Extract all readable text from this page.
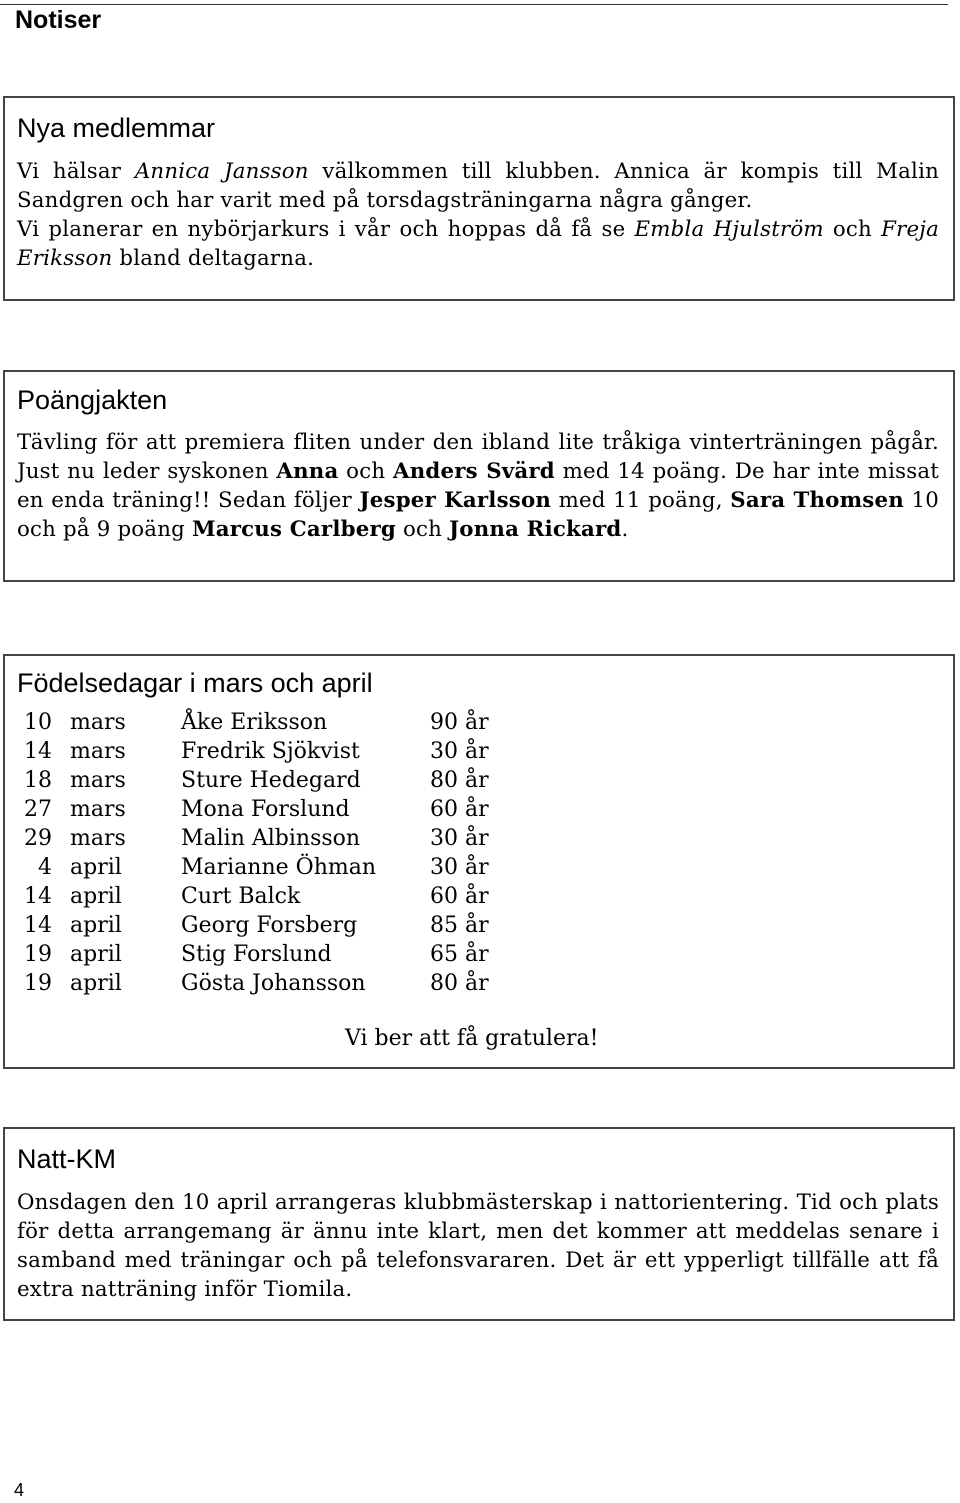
Notiser
Nya medlemmar
Vi hälsar Annica Jansson välkommen till klubben. Annica är kompis till Malin Sandgren och har varit med på torsdagsträningarna några gånger.
Vi planerar en nybörjarkurs i vår och hoppas då få se Embla Hjulström och Freja Eriksson bland deltagarna.
Poängjakten
Tävling för att premiera fliten under den ibland lite tråkiga vinterträningen pågår. Just nu leder syskonen Anna och Anders Svärd med 14 poäng. De har inte missat en enda träning!! Sedan följer Jesper Karlsson med 11 poäng, Sara Thomsen 10 och på 9 poäng Marcus Carlberg och Jonna Rickard.
Födelsedagar i mars och april
10 mars	Åke Eriksson	90 år
14 mars	Fredrik Sjökvist	30 år
18 mars	Sture Hedegard	80 år
27 mars	Mona Forslund	60 år
29 mars	Malin Albinsson	30 år
4 april	Marianne Öhman 30 år
14 april	Curt Balck	60 år
14 april	Georg Forsberg	85 år
19 april	Stig Forslund	65 år
19 april	Gösta Johansson	80 år
Vi ber att få gratulera!
Natt-KM
Onsdagen den 10 april arrangeras klubbmästerskap i nattorientering. Tid och plats för detta arrangemang är ännu inte klart, men det kommer att meddelas senare i samband med träningar och på telefonsvararen. Det är ett ypperligt tillfälle att få extra natträning inför Tiomila.
4
